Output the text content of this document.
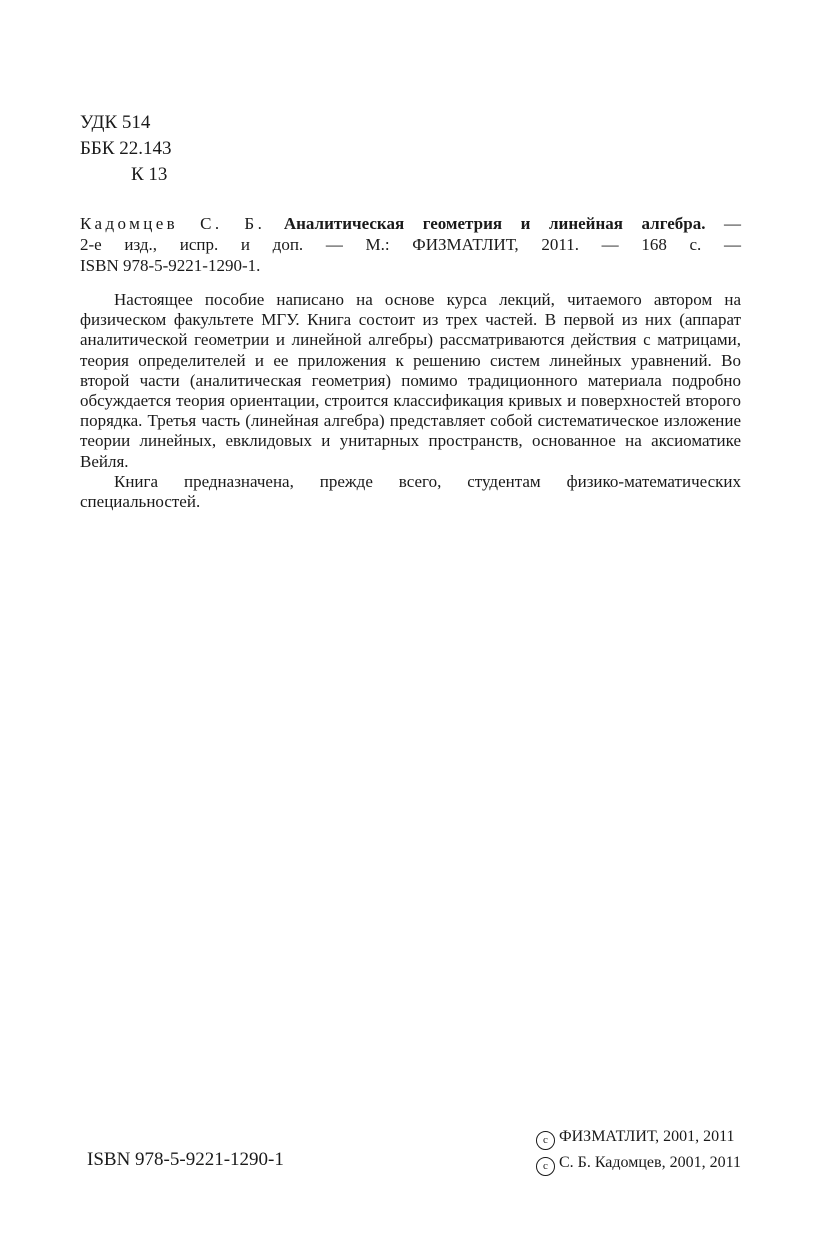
УДК 514
ББК 22.143
К 13
Кадомцев С. Б. Аналитическая геометрия и линейная алгебра. —
2-е изд., испр. и доп. — М.: ФИЗМАТЛИТ, 2011. — 168 с. —
ISBN 978-5-9221-1290-1.

Настоящее пособие написано на основе курса лекций, читаемого автором на физическом факультете МГУ. Книга состоит из трех частей. В первой из них (аппарат аналитической геометрии и линейной алгебры) рассматриваются действия с матрицами, теория определителей и ее приложения к решению систем линейных уравнений. Во второй части (аналитическая геометрия) помимо традиционного материала подробно обсуждается теория ориентации, строится классификация кривых и поверхностей второго порядка. Третья часть (линейная алгебра) представляет собой систематическое изложение теории линейных, евклидовых и унитарных пространств, основанное на аксиоматике Вейля.

Книга предназначена, прежде всего, студентам физико-математических специальностей.

ISBN 978-5-9221-1290-1
c ФИЗМАТЛИТ, 2001, 2011
c С. Б. Кадомцев, 2001, 2011
